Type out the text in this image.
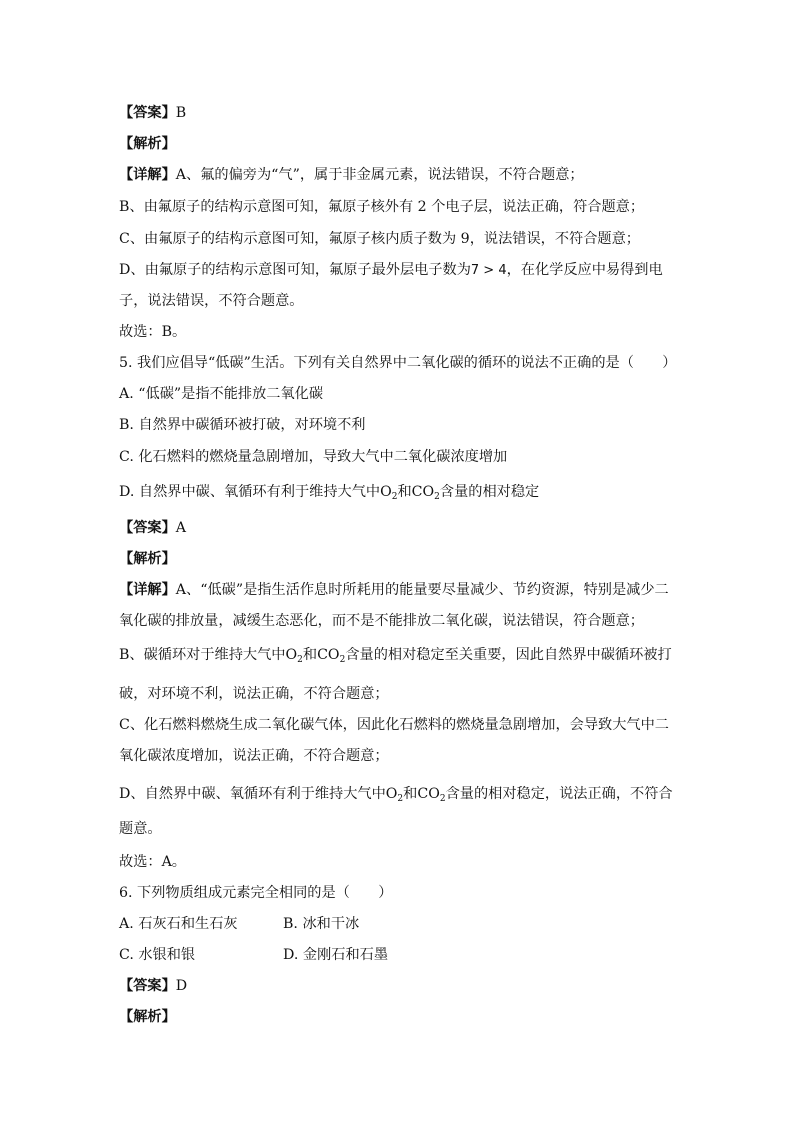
【答案】B
【解析】
【详解】A、氟的偏旁为“气”，属于非金属元素，说法错误，不符合题意；
B、由氟原子的结构示意图可知，氟原子核外有 2 个电子层，说法正确，符合题意；
C、由氟原子的结构示意图可知，氟原子核内质子数为 9，说法错误，不符合题意；
D、由氟原子的结构示意图可知，氟原子最外层电子数为7 > 4，在化学反应中易得到电
子，说法错误，不符合题意。
故选：B。
5. 我们应倡导“低碳”生活。下列有关自然界中二氧化碳的循环的说法不正确的是（　　）
A. “低碳”是指不能排放二氧化碳
B. 自然界中碳循环被打破，对环境不利
C. 化石燃料的燃烧量急剧增加，导致大气中二氧化碳浓度增加
D. 自然界中碳、氧循环有利于维持大气中$O_2$和$CO_2$含量的相对稳定
【答案】A
【解析】
【详解】A、“低碳”是指生活作息时所耗用的能量要尽量减少、节约资源，特别是减少二
氧化碳的排放量，减缓生态恶化，而不是不能排放二氧化碳，说法错误，符合题意；
B、碳循环对于维持大气中$O_2$和$CO_2$含量的相对稳定至关重要，因此自然界中碳循环被打
破，对环境不利，说法正确，不符合题意；
C、化石燃料燃烧生成二氧化碳气体，因此化石燃料的燃烧量急剧增加，会导致大气中二
氧化碳浓度增加，说法正确，不符合题意；
D、自然界中碳、氧循环有利于维持大气中$O_2$和$CO_2$含量的相对稳定，说法正确，不符合
题意。
故选：A。
6. 下列物质组成元素完全相同的是（　　）
A. 石灰石和生石灰	B. 冰和干冰
C. 水银和银	D. 金刚石和石墨
【答案】D
【解析】
